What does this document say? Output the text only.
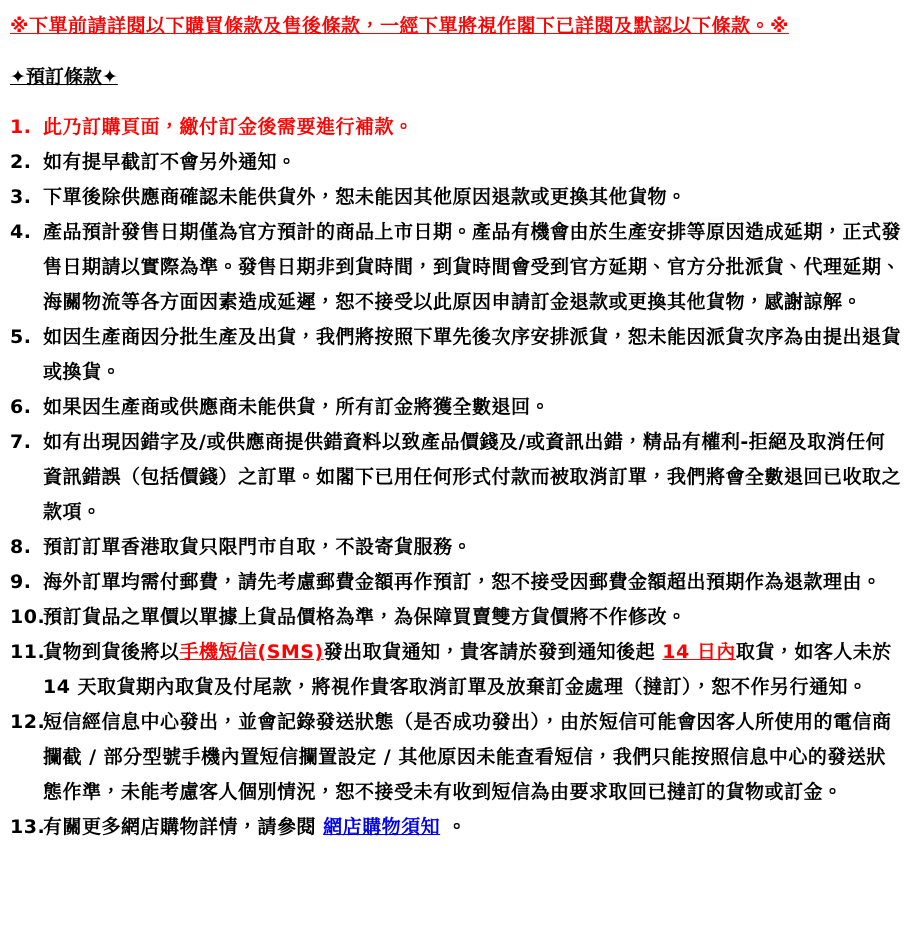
※下單前請詳閱以下購買條款及售後條款，一經下單將視作閣下已詳閱及默認以下條款。※
✦預訂條款✦
1. 此乃訂購頁面，繳付訂金後需要進行補款。
2. 如有提早截訂不會另外通知。
3. 下單後除供應商確認未能供貨外，恕未能因其他原因退款或更換其他貨物。
4. 產品預計發售日期僅為官方預計的商品上市日期。產品有機會由於生產安排等原因造成延期，正式發售日期請以實際為準。發售日期非到貨時間，到貨時間會受到官方延期、官方分批派貨、代理延期、海關物流等各方面因素造成延遲，恕不接受以此原因申請訂金退款或更換其他貨物，感謝諒解。
5. 如因生產商因分批生產及出貨，我們將按照下單先後次序安排派貨，恕未能因派貨次序為由提出退貨或換貨。
6. 如果因生產商或供應商未能供貨，所有訂金將獲全數退回。
7. 如有出現因錯字及/或供應商提供錯資料以致產品價錢及/或資訊出錯，精品有權利-拒絕及取消任何資訊錯誤（包括價錢）之訂單。如閣下已用任何形式付款而被取消訂單，我們將會全數退回已收取之款項。
8. 預訂訂單香港取貨只限門市自取，不設寄貨服務。
9. 海外訂單均需付郵費，請先考慮郵費金額再作預訂，恕不接受因郵費金額超出預期作為退款理由。
10.
預訂貨品之單價以單據上貨品價格為準，為保障買賣雙方貨價將不作修改。
11.
貨物到貨後將以手機短信(SMS)發出取貨通知，貴客請於發到通知後起 14 日內取貨，如客人未於 14 天取貨期內取貨及付尾款，將視作貴客取消訂單及放棄訂金處理（撻訂），恕不作另行通知。
12.
短信經信息中心發出，並會記錄發送狀態（是否成功發出），由於短信可能會因客人所使用的電信商攔截 / 部分型號手機內置短信攔置設定 / 其他原因未能查看短信，我們只能按照信息中心的發送狀態作準，未能考慮客人個別情況，恕不接受未有收到短信為由要求取回已撻訂的貨物或訂金。
13.
有關更多網店購物詳情，請參閱 網店購物須知 。
